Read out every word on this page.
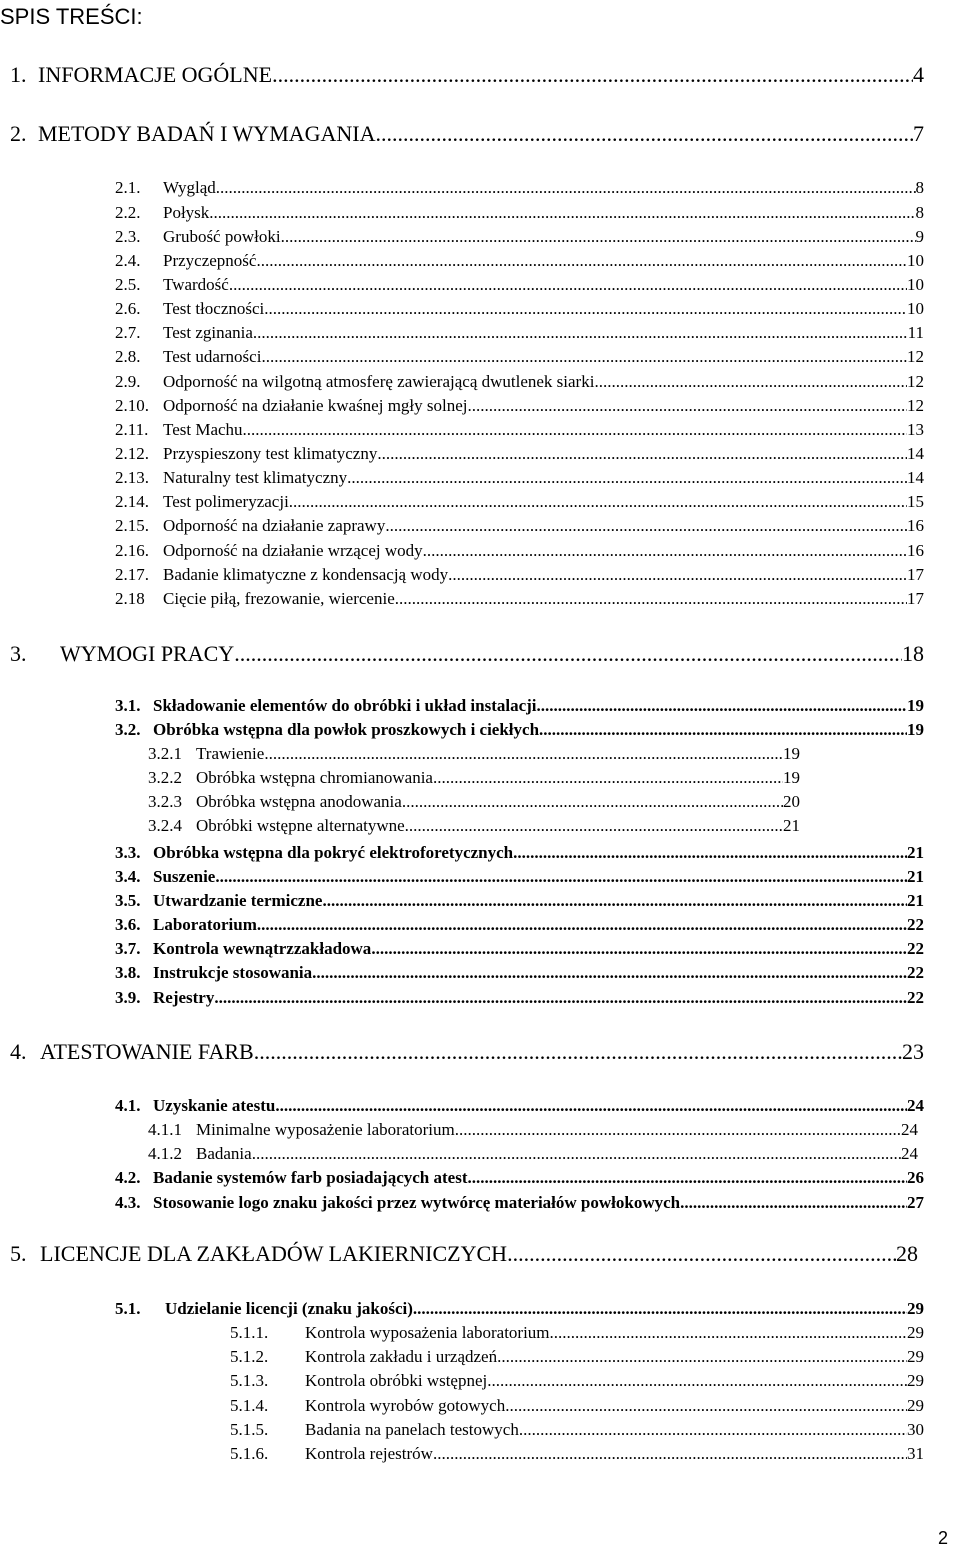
SPIS TREŚCI:
1. INFORMACJE OGÓLNE .....	4
2. METODY BADAŃ I WYMAGANIA. .....	7
2.1.	Wygląd .....	8
2.2.	Połysk .....	8
2.3.	Grubość powłoki .....	9
2.4.	Przyczepność .....	10
2.5.	Twardość .....	10
2.6.	Test tłoczności .....	10
2.7.	Test zginania .....	11
2.8.	Test udarności .....	12
2.9.	Odporność na wilgotną atmosferę zawierającą dwutlenek siarki .....	12
2.10. Odporność na działanie kwaśnej mgły solnej .....	12
2.11. Test Machu .....	13
2.12. Przyspieszony test klimatyczny .....	14
2.13. Naturalny test klimatyczny .....	14
2.14. Test polimeryzacji .....	15
2.15. Odporność na działanie zaprawy .....	16
2.16. Odporność na działanie wrzącej wody .....	16
2.17. Badanie klimatyczne z kondensacją wody .....	17
2.18	Cięcie piłą, frezowanie, wiercenie .....	17
3.	WYMOGI PRACY .....	18
3.1. Składowanie elementów do obróbki i układ instalacji .....	19
3.2. Obróbka wstępna dla powłok proszkowych i ciekłych .....	19
3.2.1 Trawienie .....	19
3.2.2 Obróbka wstępna chromianowania .....	19
3.2.3 Obróbka wstępna anodowania .....	20
3.2.4 Obróbki wstępne alternatywne .....	21
3.3. Obróbka wstępna dla pokryć elektroforetycznych .....	21
3.4. Suszenie .....	21
3.5. Utwardzanie termiczne .....	21
3.6. Laboratorium .....	22
3.7. Kontrola wewnątrzzakładowa .....	22
3.8. Instrukcje stosowania .....	22
3.9. Rejestry .....	22
4. ATESTOWANIE FARB .....	23
4.1. Uzyskanie atestu .....	24
4.1.1 Minimalne wyposażenie laboratorium .....	24
4.1.2 Badania .....	24
4.2. Badanie systemów farb posiadających atest .....	26
4.3. Stosowanie logo znaku jakości przez wytwórcę materiałów powłokowych .....	27
5. LICENCJE DLA ZAKŁADÓW LAKIERNICZYCH .....	28
5.1.	Udzielanie licencji (znaku jakości) .....	29
5.1.1.	Kontrola wyposażenia laboratorium .....	29
5.1.2.	Kontrola zakładu i urządzeń .....	29
5.1.3.	Kontrola obróbki wstępnej .....	29
5.1.4.	Kontrola wyrobów gotowych .....	29
5.1.5.	Badania na panelach testowych .....	30
5.1.6.	Kontrola rejestrów .....	31
2
